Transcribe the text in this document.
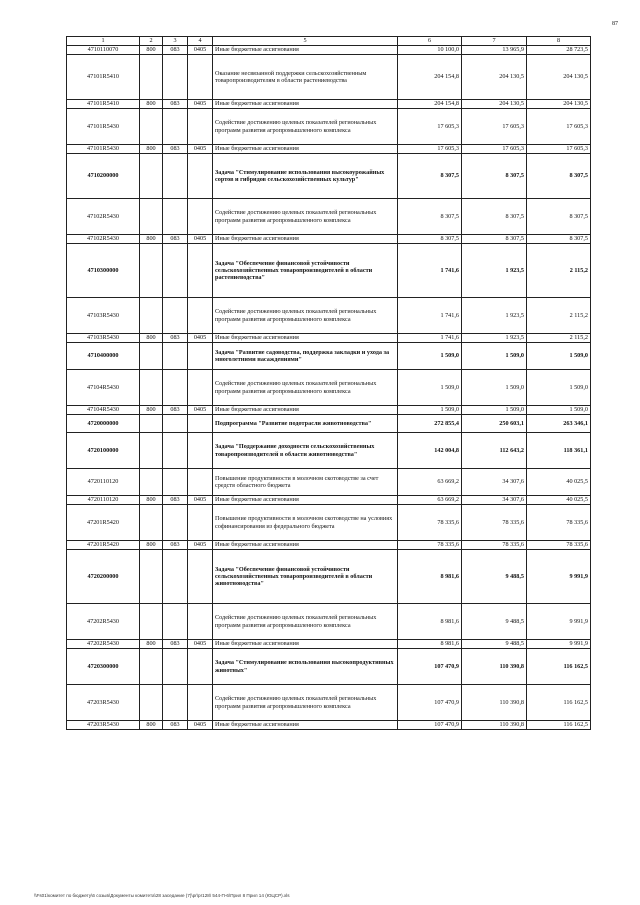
87
1	2	3	4	5	6	7	8
4710110070	800	083	0405	Иные бюджетные ассигнования	10 100,0	13 965,9	28 723,5
47101R5410				Оказание несвязанной поддержки сельскохозяйственным товаропроизводителям в области растениеводства	204 154,8	204 130,5	204 130,5
47101R5410	800	083	0405	Иные бюджетные ассигнования	204 154,8	204 130,5	204 130,5
47101R5430				Содействие достижению целевых показателей региональных программ развития агропромышленного комплекса	17 605,3	17 605,3	17 605,3
47101R5430	800	083	0405	Иные бюджетные ассигнования	17 605,3	17 605,3	17 605,3
4710200000				Задача "Стимулирование использования высокоурожайных сортов и гибридов сельскохозяйственных культур"	8 307,5	8 307,5	8 307,5
47102R5430				Содействие достижению целевых показателей региональных программ развития агропромышленного комплекса	8 307,5	8 307,5	8 307,5
47102R5430	800	083	0405	Иные бюджетные ассигнования	8 307,5	8 307,5	8 307,5
4710300000				Задача "Обеспечение финансовой устойчивости сельскохозяйственных товаропроизводителей в области растениеводства"	1 741,6	1 923,5	2 115,2
47103R5430				Содействие достижению целевых показателей региональных программ развития агропромышленного комплекса	1 741,6	1 923,5	2 115,2
47103R5430	800	083	0405	Иные бюджетные ассигнования	1 741,6	1 923,5	2 115,2
4710400000				Задача "Развитие садоводства, поддержка закладки и ухода за многолетними насаждениями"	1 509,0	1 509,0	1 509,0
47104R5430				Содействие достижению целевых показателей региональных программ развития агропромышленного комплекса	1 509,0	1 509,0	1 509,0
47104R5430	800	083	0405	Иные бюджетные ассигнования	1 509,0	1 509,0	1 509,0
4720000000				Подпрограмма "Развитие подотрасли животноводства"	272 855,4	250 603,1	263 346,1
4720100000				Задача "Поддержание доходности сельскохозяйственных товаропроизводителей в области животноводства"	142 004,8	112 643,2	118 361,1
4720110120				Повышение продуктивности в молочном скотоводстве за счет средств областного бюджета	63 669,2	34 307,6	40 025,5
4720110120	800	083	0405	Иные бюджетные ассигнования	63 669,2	34 307,6	40 025,5
47201R5420				Повышение продуктивности в молочном скотоводстве на условиях софинансирования из федерального бюджета	78 335,6	78 335,6	78 335,6
47201R5420	800	083	0405	Иные бюджетные ассигнования	78 335,6	78 335,6	78 335,6
4720200000				Задача "Обеспечение финансовой устойчивости сельскохозяйственных товаропроизводителей в области животноводства"	8 981,6	9 488,5	9 991,9
47202R5430				Содействие достижению целевых показателей региональных программ развития агропромышленного комплекса	8 981,6	9 488,5	9 991,9
47202R5430	800	083	0405	Иные бюджетные ассигнования	8 981,6	9 488,5	9 991,9
4720300000				Задача "Стимулирование использования высокопродуктивных животных"	107 470,9	110 390,8	116 162,5
47203R5430				Содействие достижению целевых показателей региональных программ развития агропромышленного комплекса	107 470,9	110 390,8	116 162,5
47203R5430	800	083	0405	Иные бюджетные ассигнования	107 470,9	110 390,8	116 162,5
\\Fs01\комитет по бюджету\6 созыв\Документы комитета\28 заседание (7)\pr\pr128\ 544-П-6\Прил 8 Прил 14 (ЮЦСР).xls
